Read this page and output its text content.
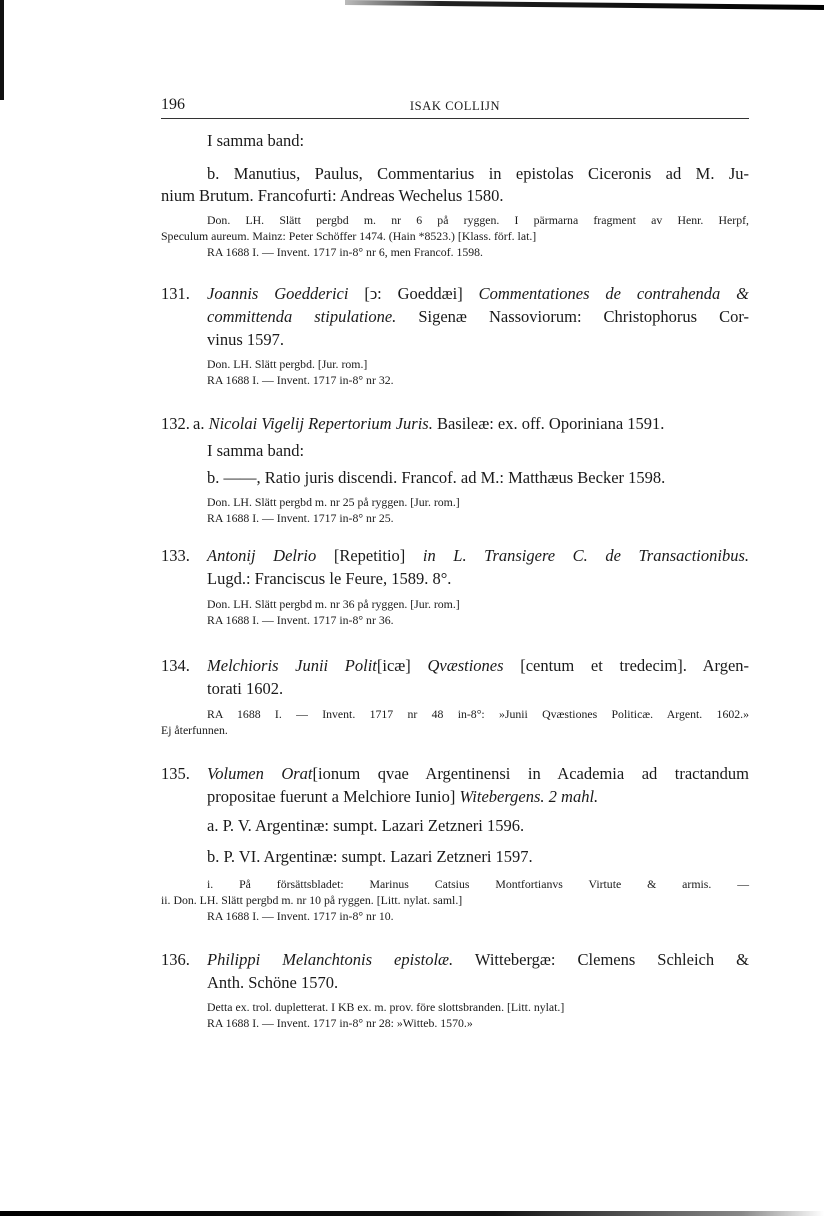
196	ISAK COLLIJN
I samma band:
b. Manutius, Paulus, Commentarius in epistolas Ciceronis ad M. Ju-
nium Brutum. Francofurti: Andreas Wechelus 1580.
Don. LH. Slätt pergbd m. nr 6 på ryggen. I pärmarna fragment av Henr. Herpf,
Speculum aureum. Mainz: Peter Schöffer 1474. (Hain *8523.) [Klass. förf. lat.]
RA 1688 I. — Invent. 1717 in-8° nr 6, men Francof. 1598.
131. Joannis Goedderici [ↄ: Goeddæi] Commentationes de contrahenda &
committenda stipulatione. Sigenæ Nassoviorum: Christophorus Cor-
vinus 1597.
Don. LH. Slätt pergbd. [Jur. rom.]
RA 1688 I. — Invent. 1717 in-8° nr 32.
132. a. Nicolai Vigelij Repertorium Juris. Basileæ: ex. off. Oporiniana 1591.
I samma band:
b. ——, Ratio juris discendi. Francof. ad M.: Matthæus Becker 1598.
Don. LH. Slätt pergbd m. nr 25 på ryggen. [Jur. rom.]
RA 1688 I. — Invent. 1717 in-8° nr 25.
133. Antonij Delrio [Repetitio] in L. Transigere C. de Transactionibus.
Lugd.: Franciscus le Feure, 1589. 8°.
Don. LH. Slätt pergbd m. nr 36 på ryggen. [Jur. rom.]
RA 1688 I. — Invent. 1717 in-8° nr 36.
134. Melchioris Junii Polit[icæ] Qvæstiones [centum et tredecim]. Argen-
torati 1602.
RA 1688 I. — Invent. 1717 nr 48 in-8°: »Junii Qvæstiones Politicæ. Argent. 1602.»
Ej återfunnen.
135. Volumen Orat[ionum qvae Argentinensi in Academia ad tractandum
propositae fuerunt a Melchiore Iunio] Witebergens. 2 mahl.
a. P. V. Argentinæ: sumpt. Lazari Zetzneri 1596.
b. P. VI. Argentinæ: sumpt. Lazari Zetzneri 1597.
i. På försättsbladet: Marinus Catsius Montfortianvs Virtute & armis. —
ii. Don. LH. Slätt pergbd m. nr 10 på ryggen. [Litt. nylat. saml.]
RA 1688 I. — Invent. 1717 in-8° nr 10.
136. Philippi Melanchtonis epistolæ. Wittebergæ: Clemens Schleich &
Anth. Schöne 1570.
Detta ex. trol. dupletterat. I KB ex. m. prov. före slottsbranden. [Litt. nylat.]
RA 1688 I. — Invent. 1717 in-8° nr 28: »Witteb. 1570.»
